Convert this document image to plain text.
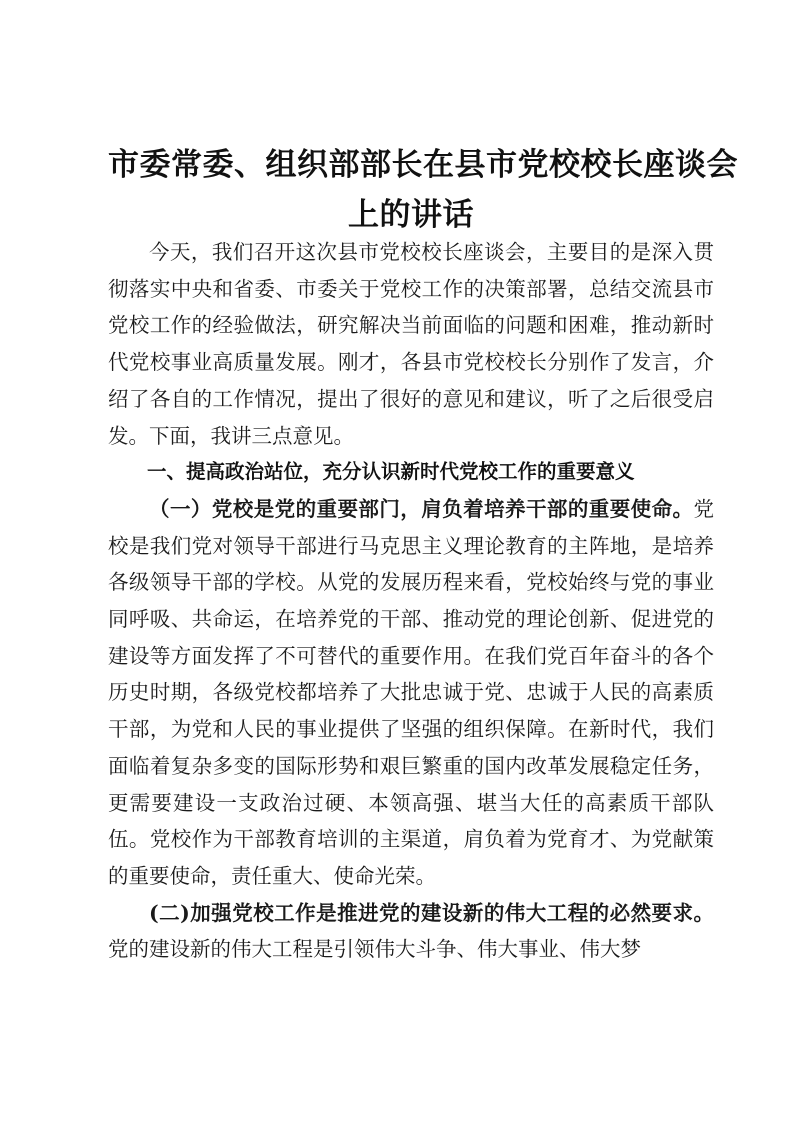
市委常委、组织部部长在县市党校校长座谈会
上的讲话

今天，我们召开这次县市党校校长座谈会，主要目的是深入贯彻落实中央和省委、市委关于党校工作的决策部署，总结交流县市党校工作的经验做法，研究解决当前面临的问题和困难，推动新时代党校事业高质量发展。刚才，各县市党校校长分别作了发言，介绍了各自的工作情况，提出了很好的意见和建议，听了之后很受启发。下面，我讲三点意见。

一、提高政治站位，充分认识新时代党校工作的重要意义

（一）党校是党的重要部门，肩负着培养干部的重要使命。党校是我们党对领导干部进行马克思主义理论教育的主阵地，是培养各级领导干部的学校。从党的发展历程来看，党校始终与党的事业同呼吸、共命运，在培养党的干部、推动党的理论创新、促进党的建设等方面发挥了不可替代的重要作用。在我们党百年奋斗的各个历史时期，各级党校都培养了大批忠诚于党、忠诚于人民的高素质干部，为党和人民的事业提供了坚强的组织保障。在新时代，我们面临着复杂多变的国际形势和艰巨繁重的国内改革发展稳定任务，更需要建设一支政治过硬、本领高强、堪当大任的高素质干部队伍。党校作为干部教育培训的主渠道，肩负着为党育才、为党献策的重要使命，责任重大、使命光荣。

(二)加强党校工作是推进党的建设新的伟大工程的必然要求。党的建设新的伟大工程是引领伟大斗争、伟大事业、伟大梦
